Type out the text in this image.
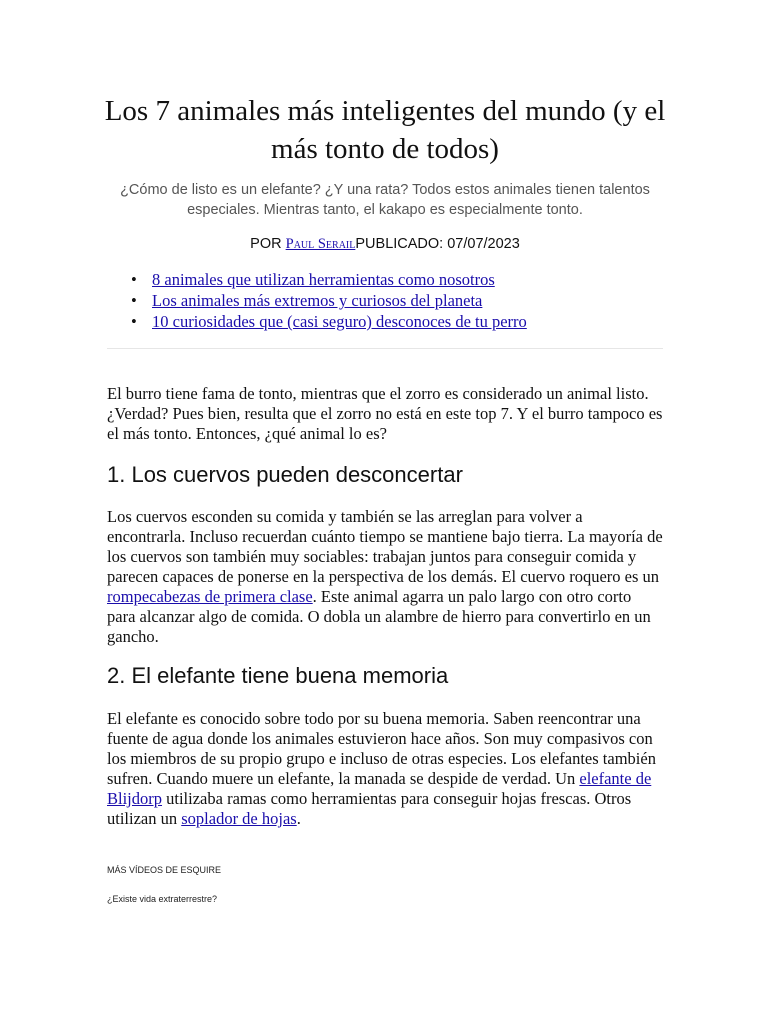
Los 7 animales más inteligentes del mundo (y el más tonto de todos)

¿Cómo de listo es un elefante? ¿Y una rata? Todos estos animales tienen talentos especiales. Mientras tanto, el kakapo es especialmente tonto.

POR Paul SerailPUBLICADO: 07/07/2023

• 8 animales que utilizan herramientas como nosotros
• Los animales más extremos y curiosos del planeta
• 10 curiosidades que (casi seguro) desconoces de tu perro

El burro tiene fama de tonto, mientras que el zorro es considerado un animal listo. ¿Verdad? Pues bien, resulta que el zorro no está en este top 7. Y el burro tampoco es el más tonto. Entonces, ¿qué animal lo es?

1. Los cuervos pueden desconcertar

Los cuervos esconden su comida y también se las arreglan para volver a encontrarla. Incluso recuerdan cuánto tiempo se mantiene bajo tierra. La mayoría de los cuervos son también muy sociables: trabajan juntos para conseguir comida y parecen capaces de ponerse en la perspectiva de los demás. El cuervo roquero es un rompecabezas de primera clase. Este animal agarra un palo largo con otro corto para alcanzar algo de comida. O dobla un alambre de hierro para convertirlo en un gancho.

2. El elefante tiene buena memoria

El elefante es conocido sobre todo por su buena memoria. Saben reencontrar una fuente de agua donde los animales estuvieron hace años. Son muy compasivos con los miembros de su propio grupo e incluso de otras especies. Los elefantes también sufren. Cuando muere un elefante, la manada se despide de verdad. Un elefante de Blijdorp utilizaba ramas como herramientas para conseguir hojas frescas. Otros utilizan un soplador de hojas.

MÁS VÍDEOS DE ESQUIRE

¿Existe vida extraterrestre?
